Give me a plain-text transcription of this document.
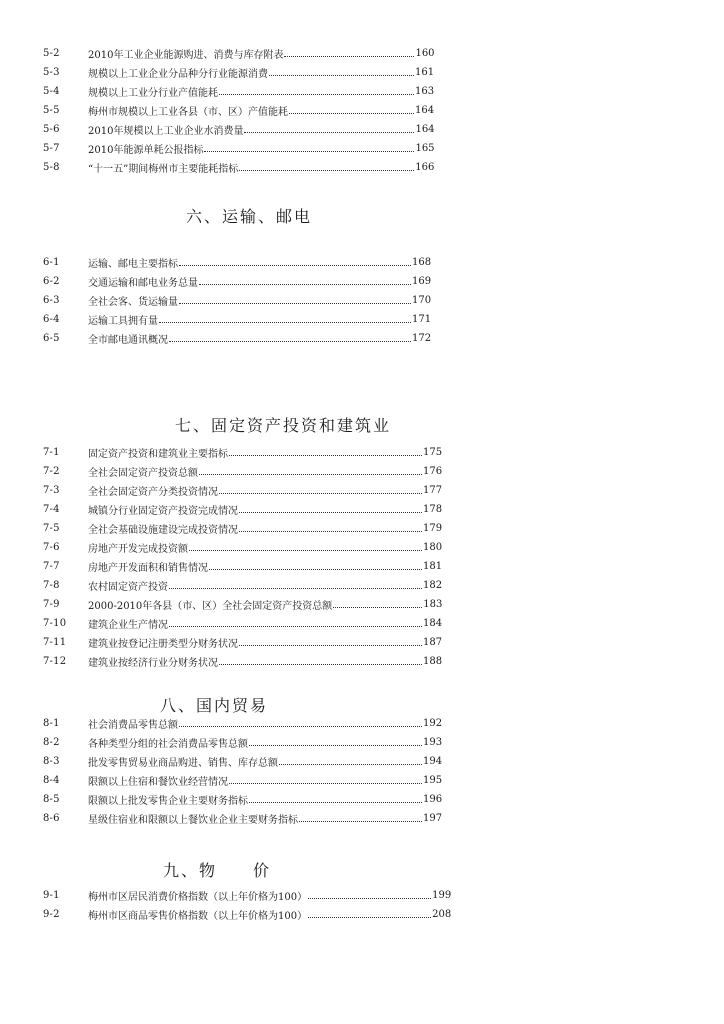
5-2	2010年工业企业能源购进、消费与库存附表	160
5-3	规模以上工业企业分品种分行业能源消费	161
5-4	规模以上工业分行业产值能耗	163
5-5	梅州市规模以上工业各县（市、区）产值能耗	164
5-6	2010年规模以上工业企业水消费量	164
5-7	2010年能源单耗公报指标	165
5-8	“十一五”期间梅州市主要能耗指标	166
六、运输、邮电
6-1	运输、邮电主要指标	168
6-2	交通运输和邮电业务总量	169
6-3	全社会客、货运输量	170
6-4	运输工具拥有量	171
6-5	全市邮电通讯概况	172
七、固定资产投资和建筑业
7-1	固定资产投资和建筑业主要指标	175
7-2	全社会固定资产投资总额	176
7-3	全社会固定资产分类投资情况	177
7-4	城镇分行业固定资产投资完成情况	178
7-5	全社会基础设施建设完成投资情况	179
7-6	房地产开发完成投资额	180
7-7	房地产开发面积和销售情况	181
7-8	农村固定资产投资	182
7-9	2000-2010年各县（市、区）全社会固定资产投资总额	183
7-10	建筑企业生产情况	184
7-11	建筑业按登记注册类型分财务状况	187
7-12	建筑业按经济行业分财务状况	188
八、国内贸易
8-1	社会消费品零售总额	192
8-2	各种类型分组的社会消费品零售总额	193
8-3	批发零售贸易业商品购进、销售、库存总额	194
8-4	限额以上住宿和餐饮业经营情况	195
8-5	限额以上批发零售企业主要财务指标	196
8-6	星级住宿业和限额以上餐饮业企业主要财务指标	197
九、物　　价
9-1	梅州市区居民消费价格指数（以上年价格为100）	199
9-2	梅州市区商品零售价格指数（以上年价格为100）	208
